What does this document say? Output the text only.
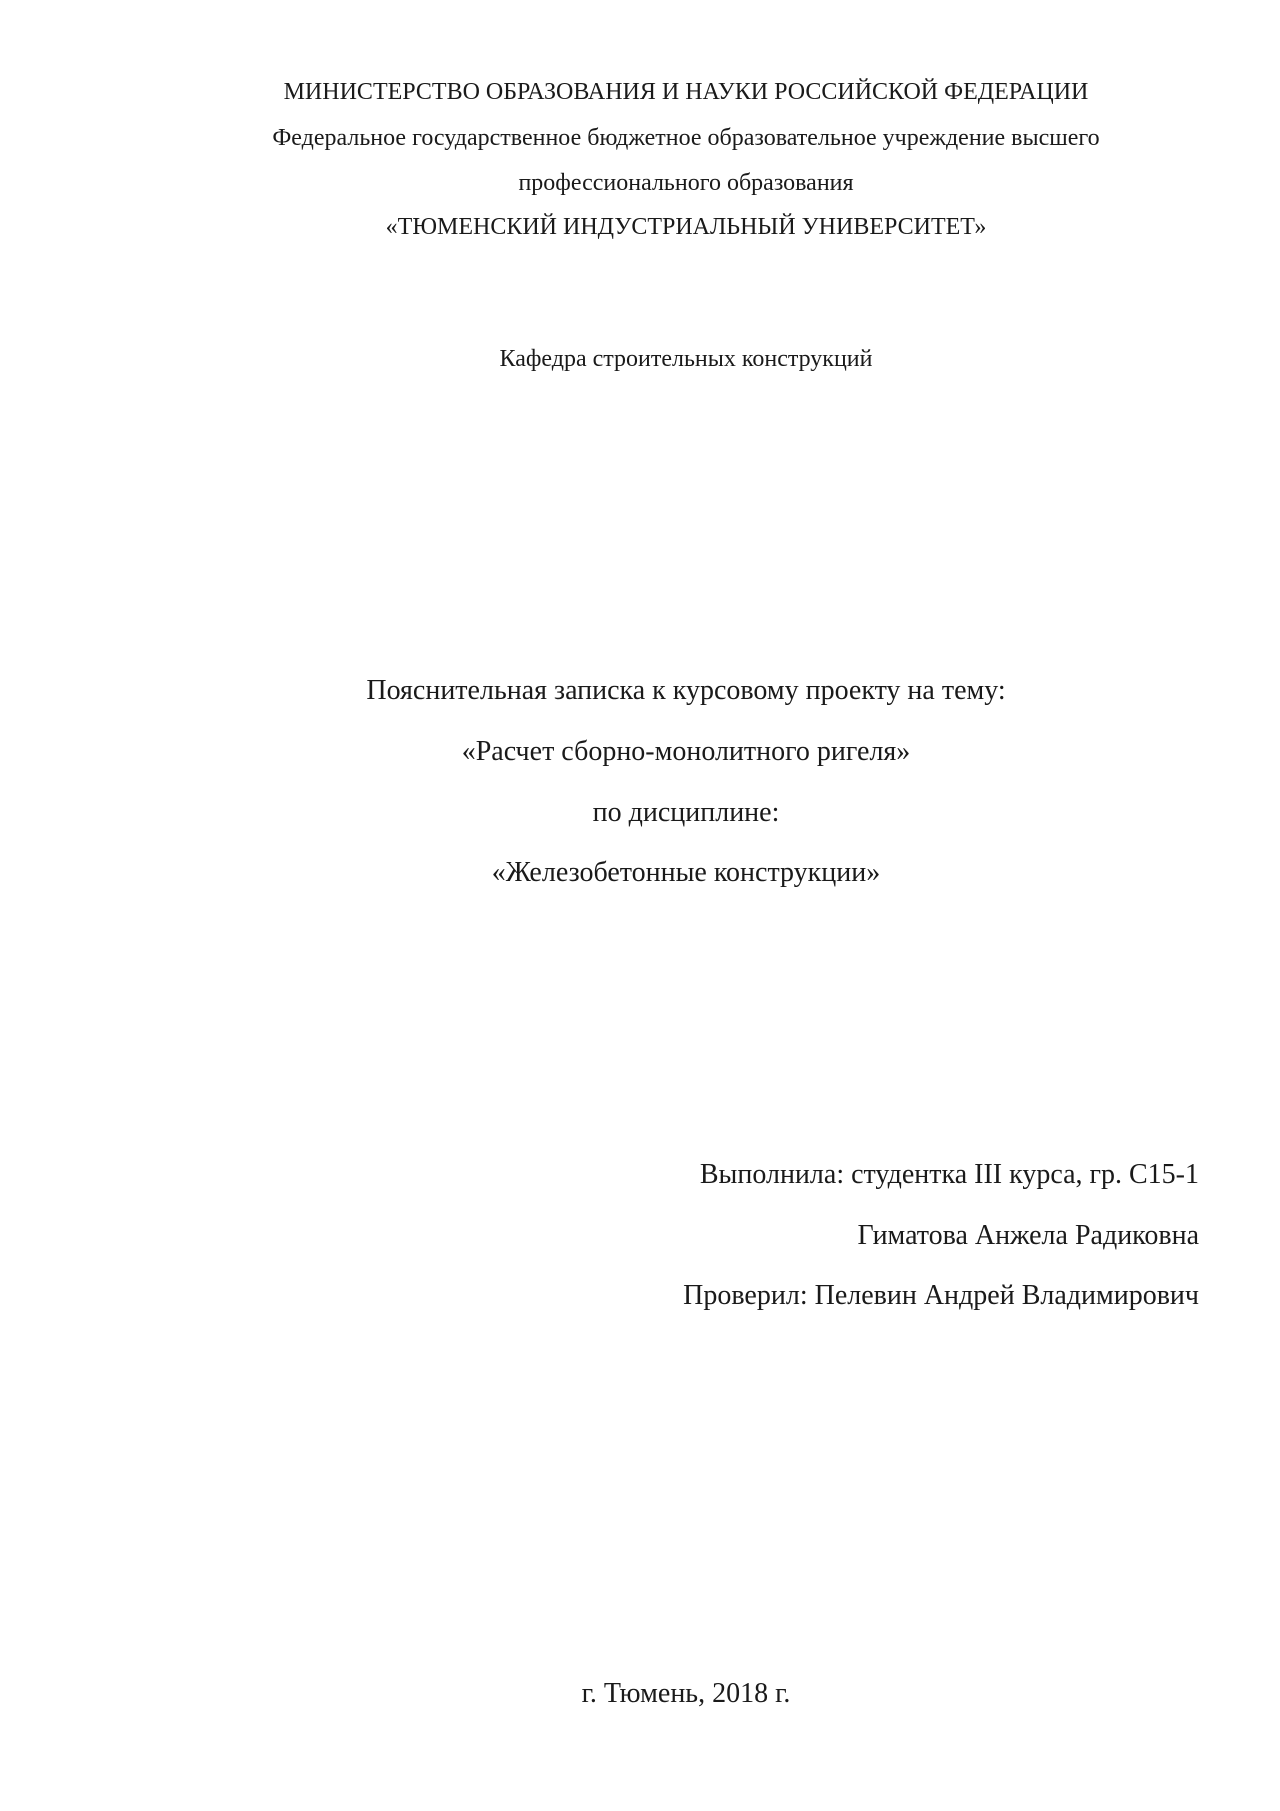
МИНИСТЕРСТВО ОБРАЗОВАНИЯ И НАУКИ РОССИЙСКОЙ ФЕДЕРАЦИИ
Федеральное государственное бюджетное образовательное учреждение высшего
профессионального образования
«ТЮМЕНСКИЙ ИНДУСТРИАЛЬНЫЙ УНИВЕРСИТЕТ»
Кафедра строительных конструкций
Пояснительная записка к курсовому проекту на тему:
«Расчет сборно-монолитного ригеля»
по дисциплине:
«Железобетонные конструкции»
Выполнила: студентка III курса, гр. С15-1
Гиматова Анжела Радиковна
Проверил: Пелевин Андрей Владимирович
г. Тюмень, 2018 г.
